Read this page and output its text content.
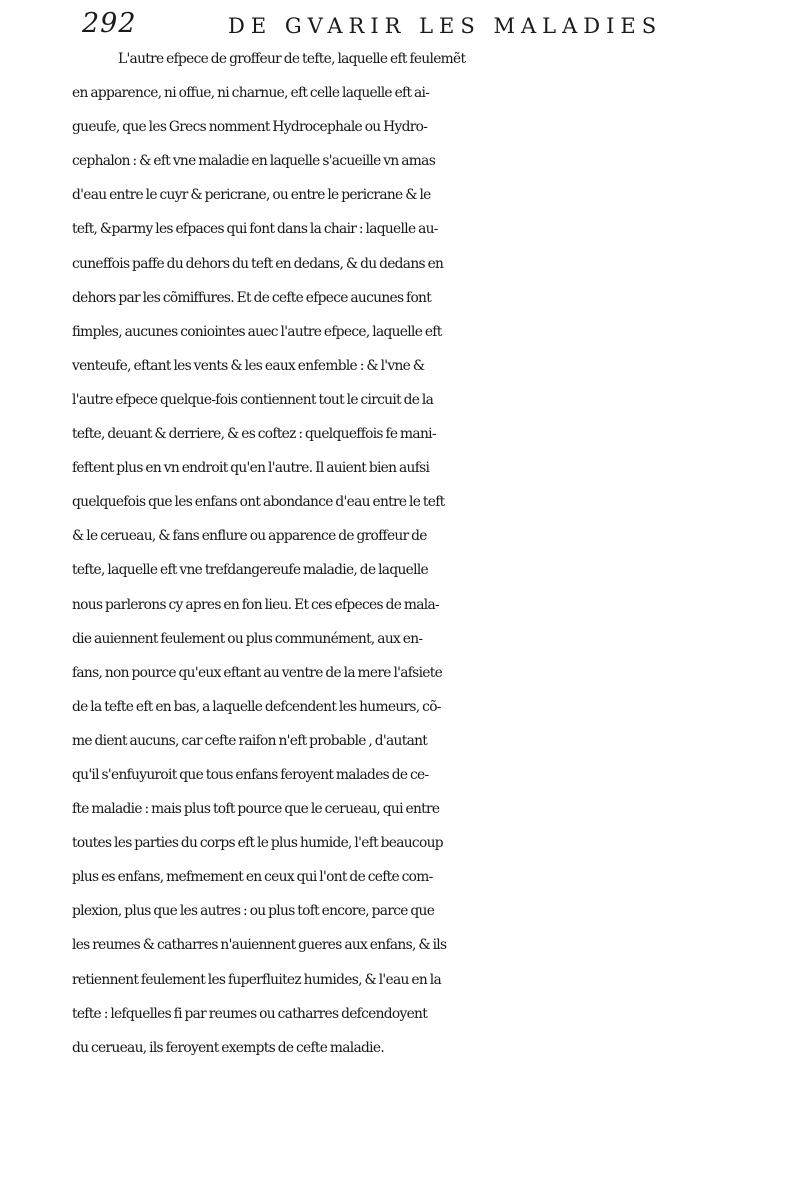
292	DE GVARIR LES MALADIES
L'autre efpece de groffeur de tefte, laquelle eft feulemẽt
en apparence, ni offue, ni charnue, eft celle laquelle eft ai-
gueufe, que les Grecs nomment Hydrocephale ou Hydro-
cephalon : & eft vne maladie en laquelle s'acueille vn amas
d'eau entre le cuyr & pericrane, ou entre le pericrane & le
teft, &parmy les efpaces qui font dans la chair : laquelle au-
cuneffois paffe du dehors du teft en dedans, & du dedans en
dehors par les cõmiffures. Et de cefte efpece aucunes font
fimples, aucunes coniointes auec l'autre efpece, laquelle eft
venteufe, eftant les vents & les eaux enfemble : & l'vne &
l'autre efpece quelque-fois contiennent tout le circuit de la
tefte, deuant & derriere, & es coftez : quelqueffois fe mani-
feftent plus en vn endroit qu'en l'autre. Il auient bien aufsi
quelquefois que les enfans ont abondance d'eau entre le teft
& le cerueau, & fans enflure ou apparence de groffeur de
tefte, laquelle eft vne trefdangereufe maladie, de laquelle
nous parlerons cy apres en fon lieu. Et ces efpeces de mala-
die auiennent feulement ou plus communément, aux en-
fans, non pource qu'eux eftant au ventre de la mere l'afsiete
de la tefte eft en bas, a laquelle defcendent les humeurs, cõ-
me dient aucuns, car cefte raifon n'eft probable , d'autant
qu'il s'enfuyuroit que tous enfans feroyent malades de ce-
fte maladie : mais plus toft pource que le cerueau, qui entre
toutes les parties du corps eft le plus humide, l'eft beaucoup
plus es enfans, mefmement en ceux qui l'ont de cefte com-
plexion, plus que les autres : ou plus toft encore, parce que
les reumes & catharres n'auiennent gueres aux enfans, & ils
retiennent feulement les fuperfluitez humides, & l'eau en la
tefte : lefquelles fi par reumes ou catharres defcendoyent
du cerueau, ils feroyent exempts de cefte maladie.
